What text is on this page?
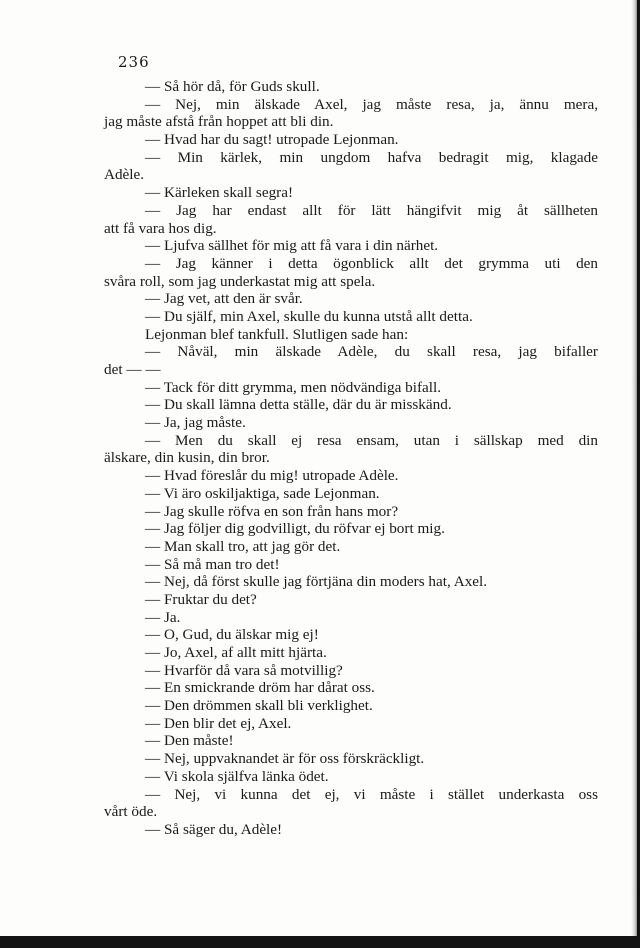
236
— Så hör då, för Guds skull.
— Nej, min älskade Axel, jag måste resa, ja, ännu mera,
jag måste afstå från hoppet att bli din.
— Hvad har du sagt! utropade Lejonman.
— Min kärlek, min ungdom hafva bedragit mig, klagade
Adèle.
— Kärleken skall segra!
— Jag har endast allt för lätt hängifvit mig åt sällheten
att få vara hos dig.
— Ljufva sällhet för mig att få vara i din närhet.
— Jag känner i detta ögonblick allt det grymma uti den
svåra roll, som jag underkastat mig att spela.
— Jag vet, att den är svår.
— Du själf, min Axel, skulle du kunna utstå allt detta.
Lejonman blef tankfull. Slutligen sade han:
— Nåväl, min älskade Adèle, du skall resa, jag bifaller
det — —
— Tack för ditt grymma, men nödvändiga bifall.
— Du skall lämna detta ställe, där du är misskänd.
— Ja, jag måste.
— Men du skall ej resa ensam, utan i sällskap med din
älskare, din kusin, din bror.
— Hvad föreslår du mig! utropade Adèle.
— Vi äro oskiljaktiga, sade Lejonman.
— Jag skulle röfva en son från hans mor?
— Jag följer dig godvilligt, du röfvar ej bort mig.
— Man skall tro, att jag gör det.
— Så må man tro det!
— Nej, då först skulle jag förtjäna din moders hat, Axel.
— Fruktar du det?
— Ja.
— O, Gud, du älskar mig ej!
— Jo, Axel, af allt mitt hjärta.
— Hvarför då vara så motvillig?
— En smickrande dröm har dårat oss.
— Den drömmen skall bli verklighet.
— Den blir det ej, Axel.
— Den måste!
— Nej, uppvaknandet är för oss förskräckligt.
— Vi skola själfva länka ödet.
— Nej, vi kunna det ej, vi måste i stället underkasta oss
vårt öde.
— Så säger du, Adèle!
